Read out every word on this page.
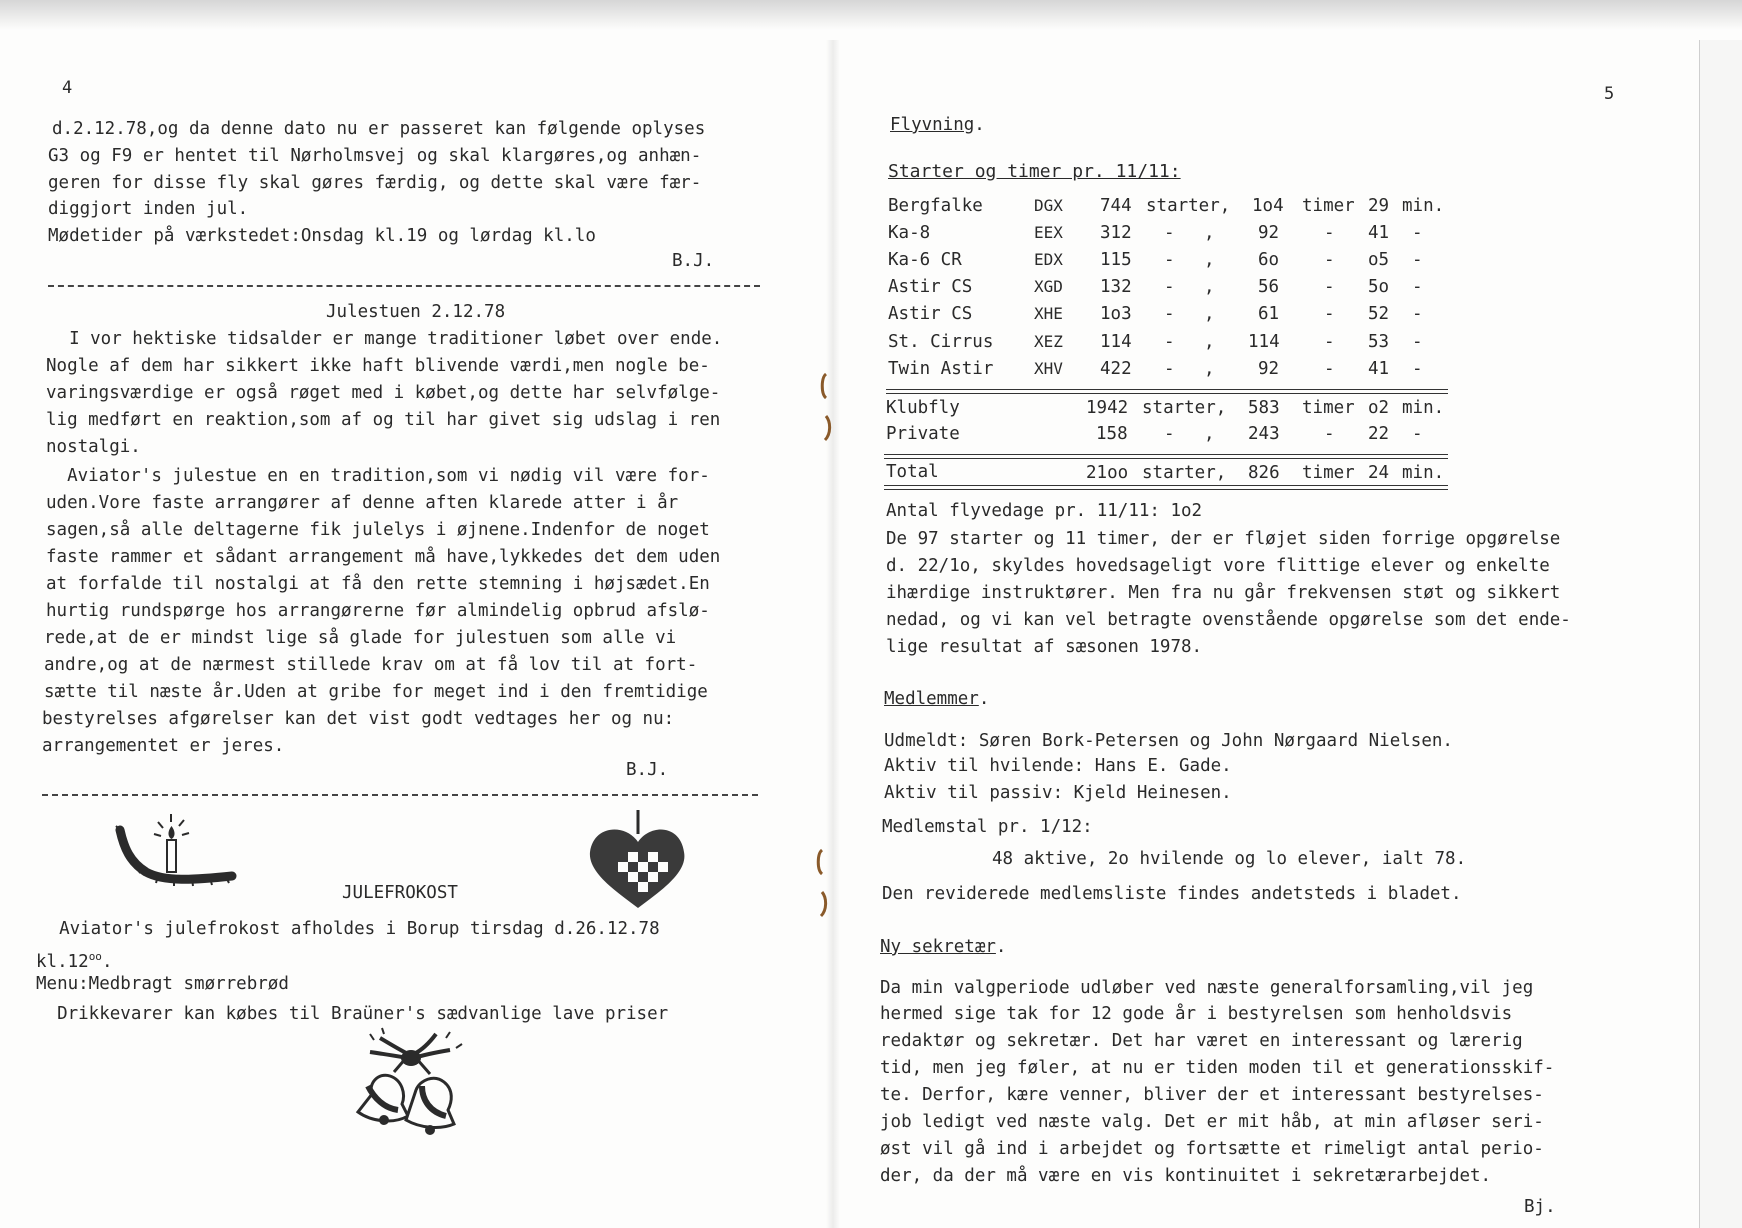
4
d.2.12.78,og da denne dato nu er passeret kan følgende oplyses
G3 og F9 er hentet til Nørholmsvej og skal klargøres,og anhæn-
geren for disse fly skal gøres færdig, og dette skal være fær-
diggjort inden jul.
Mødetider på værkstedet:Onsdag kl.19 og lørdag kl.lo
B.J.
Julestuen 2.12.78
I vor hektiske tidsalder er mange traditioner løbet over ende.
Nogle af dem har sikkert ikke haft blivende værdi,men nogle be-
varingsværdige er også røget med i købet,og dette har selvfølge-
lig medført en reaktion,som af og til har givet sig udslag i ren
nostalgi.
Aviator's julestue en en tradition,som vi nødig vil være for-
uden.Vore faste arrangører af denne aften klarede atter i år
sagen,så alle deltagerne fik julelys i øjnene.Indenfor de noget
faste rammer et sådant arrangement må have,lykkedes det dem uden
at forfalde til nostalgi at få den rette stemning i højsædet.En
hurtig rundspørge hos arrangørerne før almindelig opbrud afslø-
rede,at de er mindst lige så glade for julestuen som alle vi
andre,og at de nærmest stillede krav om at få lov til at fort-
sætte til næste år.Uden at gribe for meget ind i den fremtidige
bestyrelses afgørelser kan det vist godt vedtages her og nu:
arrangementet er jeres.
B.J.
JULEFROKOST
Aviator's julefrokost afholdes i Borup tirsdag d.26.12.78
$kl.12^{oo}$.
Menu:Medbragt smørrebrød
Drikkevarer kan købes til Braüner's sædvanlige lave priser
5
Flyvning.
Starter og timer pr. 11/11:
Bergfalke	DGX 744 starter, 1o4 timer 29 min.
Ka-8	EEX 312 - , 92	- 41 -
Ka-6 CR	EDX 115 - , 6o	- o5 -
Astir CS	XGD 132 - , 56	- 5o -
Astir CS	XHE 1o3 - , 61	- 52 -
St. Cirrus	XEZ 114 - , 114	- 53 -
Twin Astir	XHV 422 - , 92	- 41 -
Klubfly	1942 starter, 583 timer o2 min.
Private	158 - , 243	- 22 -
Total	21oo starter, 826 timer 24 min.
Antal flyvedage pr. 11/11: 1o2
De 97 starter og 11 timer, der er fløjet siden forrige opgørelse
d. 22/1o, skyldes hovedsageligt vore flittige elever og enkelte
ihærdige instruktører. Men fra nu går frekvensen støt og sikkert
nedad, og vi kan vel betragte ovenstående opgørelse som det ende-
lige resultat af sæsonen 1978.
Medlemmer.
Udmeldt: Søren Bork-Petersen og John Nørgaard Nielsen.
Aktiv til hvilende: Hans E. Gade.
Aktiv til passiv: Kjeld Heinesen.
Medlemstal pr. 1/12:
48 aktive, 2o hvilende og lo elever, ialt 78.
Den reviderede medlemsliste findes andetsteds i bladet.
Ny sekretær.
Da min valgperiode udløber ved næste generalforsamling,vil jeg
hermed sige tak for 12 gode år i bestyrelsen som henholdsvis
redaktør og sekretær. Det har været en interessant og lærerig
tid, men jeg føler, at nu er tiden moden til et generationsskif-
te. Derfor, kære venner, bliver der et interessant bestyrelses-
job ledigt ved næste valg. Det er mit håb, at min afløser seri-
øst vil gå ind i arbejdet og fortsætte et rimeligt antal perio-
der, da der må være en vis kontinuitet i sekretærarbejdet.
Bj.
